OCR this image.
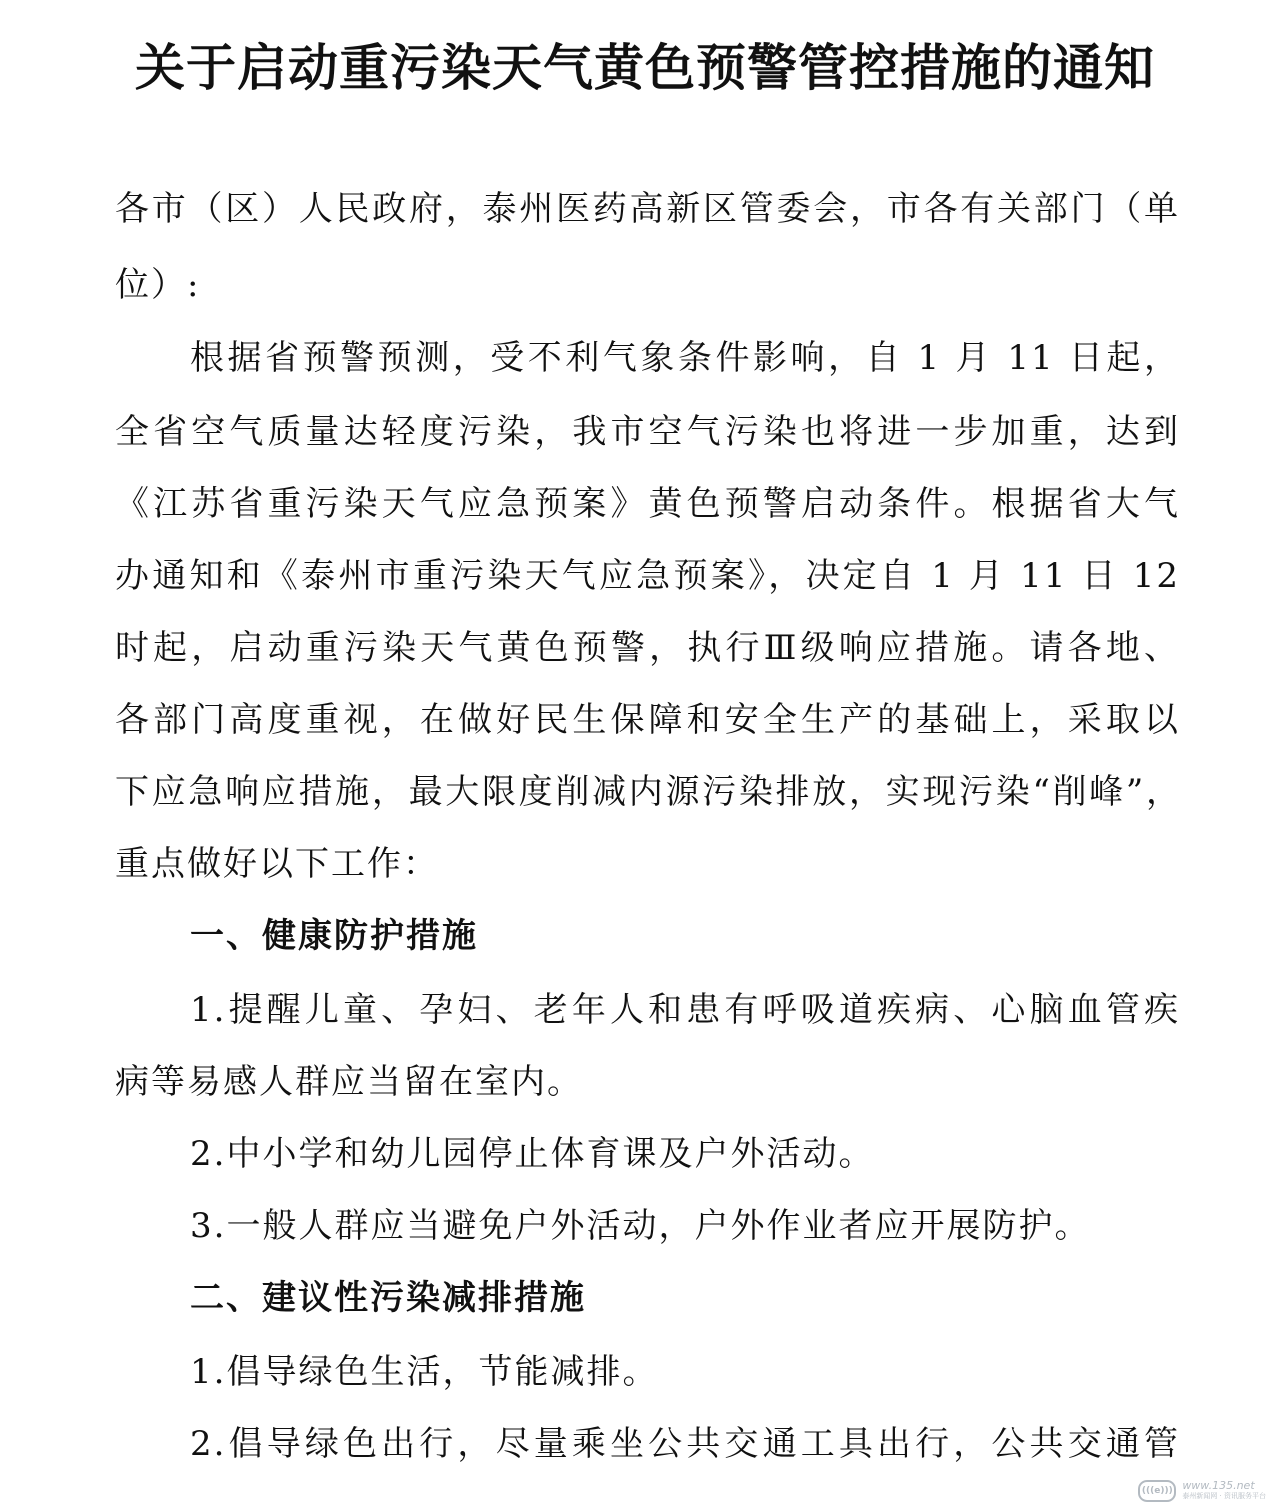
关于启动重污染天气黄色预警管控措施的通知

各市（区）人民政府，泰州医药高新区管委会，市各有关部门（单

位）:

根据省预警预测，受不利气象条件影响，自 1 月 11 日起，

全省空气质量达轻度污染，我市空气污染也将进一步加重，达到

《江苏省重污染天气应急预案》黄色预警启动条件。根据省大气

办通知和《泰州市重污染天气应急预案》，决定自 1 月 11 日 12

时起，启动重污染天气黄色预警，执行Ⅲ级响应措施。请各地、

各部门高度重视，在做好民生保障和安全生产的基础上，采取以

下应急响应措施，最大限度削减内源污染排放，实现污染“削峰”，

重点做好以下工作：

一、健康防护措施

1.提醒儿童、孕妇、老年人和患有呼吸道疾病、心脑血管疾

病等易感人群应当留在室内。

2.中小学和幼儿园停止体育课及户外活动。

3.一般人群应当避免户外活动，户外作业者应开展防护。

二、建议性污染减排措施

1.倡导绿色生活，节能减排。

2.倡导绿色出行，尽量乘坐公共交通工具出行，公共交通管

(((e))) www.135.net
泰州新闻网 · 资讯服务平台
